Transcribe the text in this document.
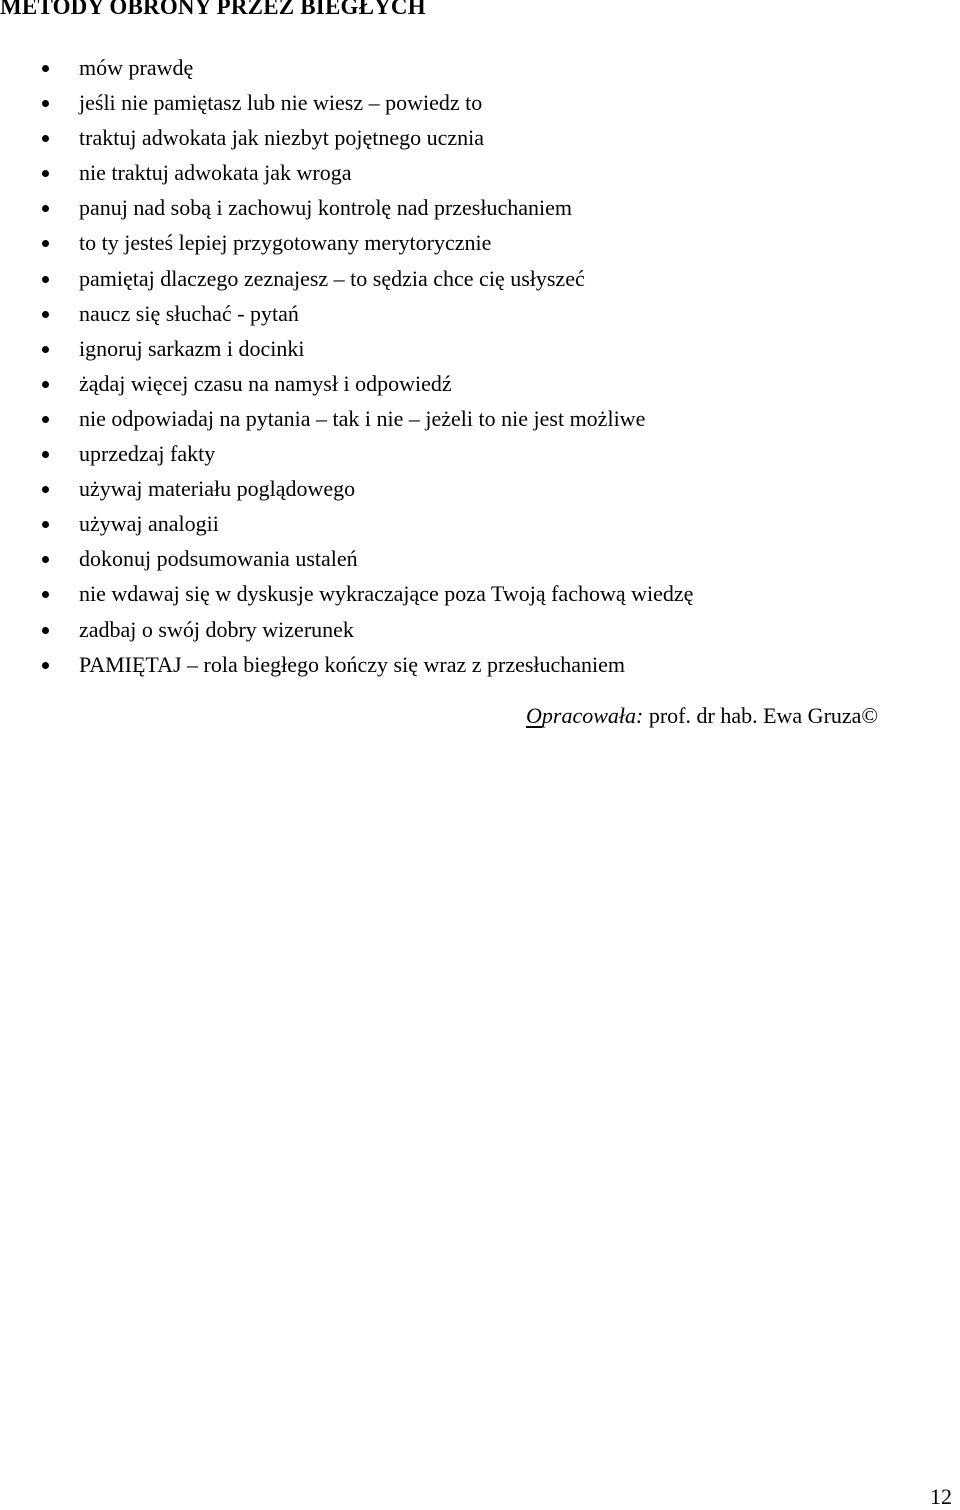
METODY OBRONY PRZEZ BIEGŁYCH
mów prawdę
jeśli nie pamiętasz lub nie wiesz – powiedz to
traktuj adwokata jak niezbyt pojętnego ucznia
nie traktuj adwokata jak wroga
panuj nad sobą i zachowuj kontrolę nad przesłuchaniem
to ty jesteś lepiej przygotowany merytorycznie
pamiętaj dlaczego zeznajesz – to sędzia chce cię usłyszeć
naucz się słuchać - pytań
ignoruj sarkazm i docinki
żądaj więcej czasu na namysł i odpowiedź
nie odpowiadaj na pytania – tak i nie – jeżeli to nie jest możliwe
uprzedzaj fakty
używaj materiału poglądowego
używaj analogii
dokonuj podsumowania ustaleń
nie wdawaj się w dyskusje wykraczające poza Twoją fachową wiedzę
zadbaj o swój dobry wizerunek
PAMIĘTAJ – rola biegłego kończy się wraz z przesłuchaniem
Opracowała: prof. dr hab. Ewa Gruza©
12
